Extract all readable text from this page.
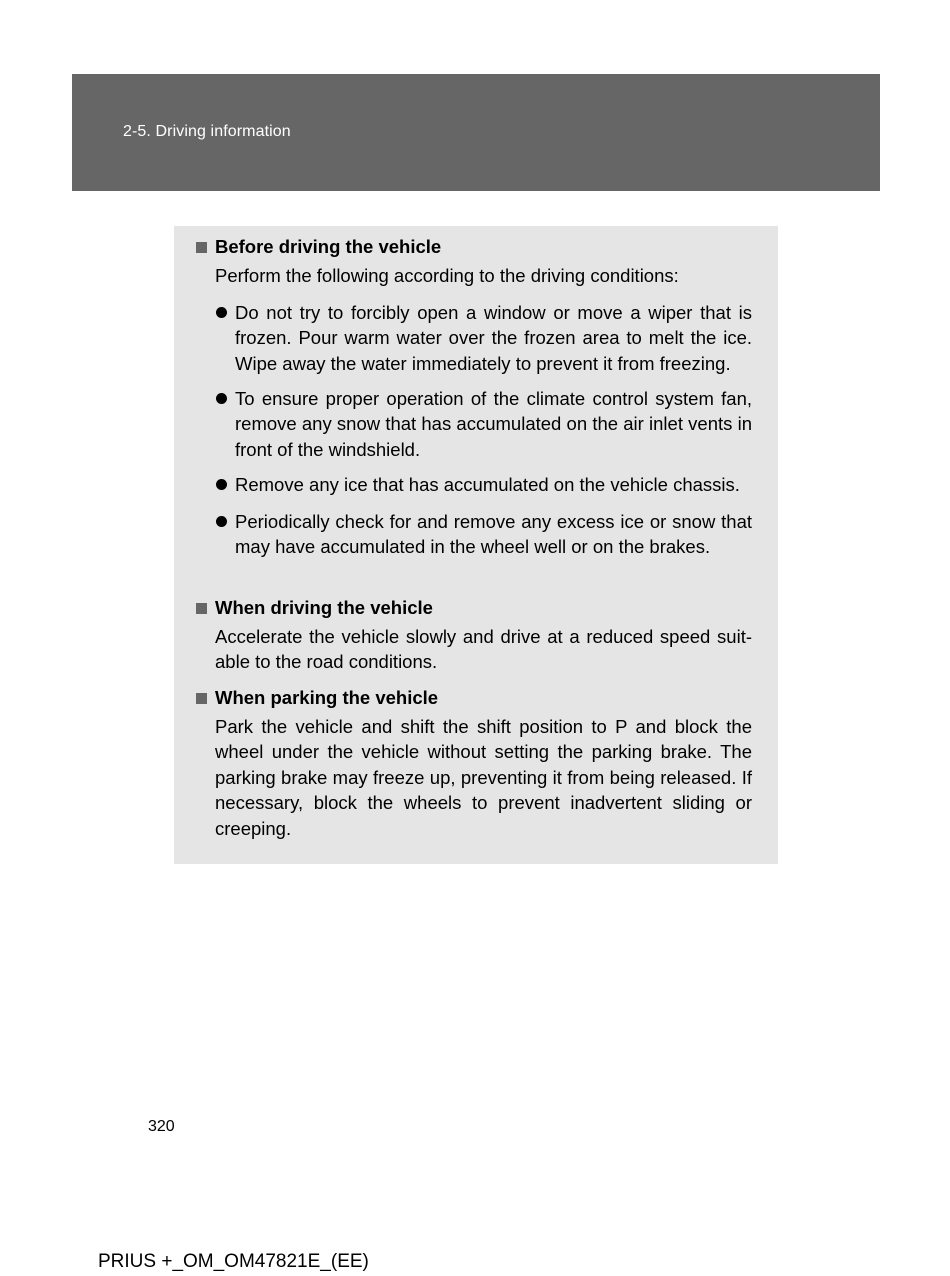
2-5. Driving information
Before driving the vehicle
Perform the following according to the driving conditions:
Do not try to forcibly open a window or move a wiper that is frozen. Pour warm water over the frozen area to melt the ice. Wipe away the water immediately to prevent it from freezing.
To ensure proper operation of the climate control system fan, remove any snow that has accumulated on the air inlet vents in front of the windshield.
Remove any ice that has accumulated on the vehicle chassis.
Periodically check for and remove any excess ice or snow that may have accumulated in the wheel well or on the brakes.
When driving the vehicle
Accelerate the vehicle slowly and drive at a reduced speed suit-able to the road conditions.
When parking the vehicle
Park the vehicle and shift the shift position to P and block the wheel under the vehicle without setting the parking brake. The parking brake may freeze up, preventing it from being released. If necessary, block the wheels to prevent inadvertent sliding or creeping.
320
PRIUS +_OM_OM47821E_(EE)
